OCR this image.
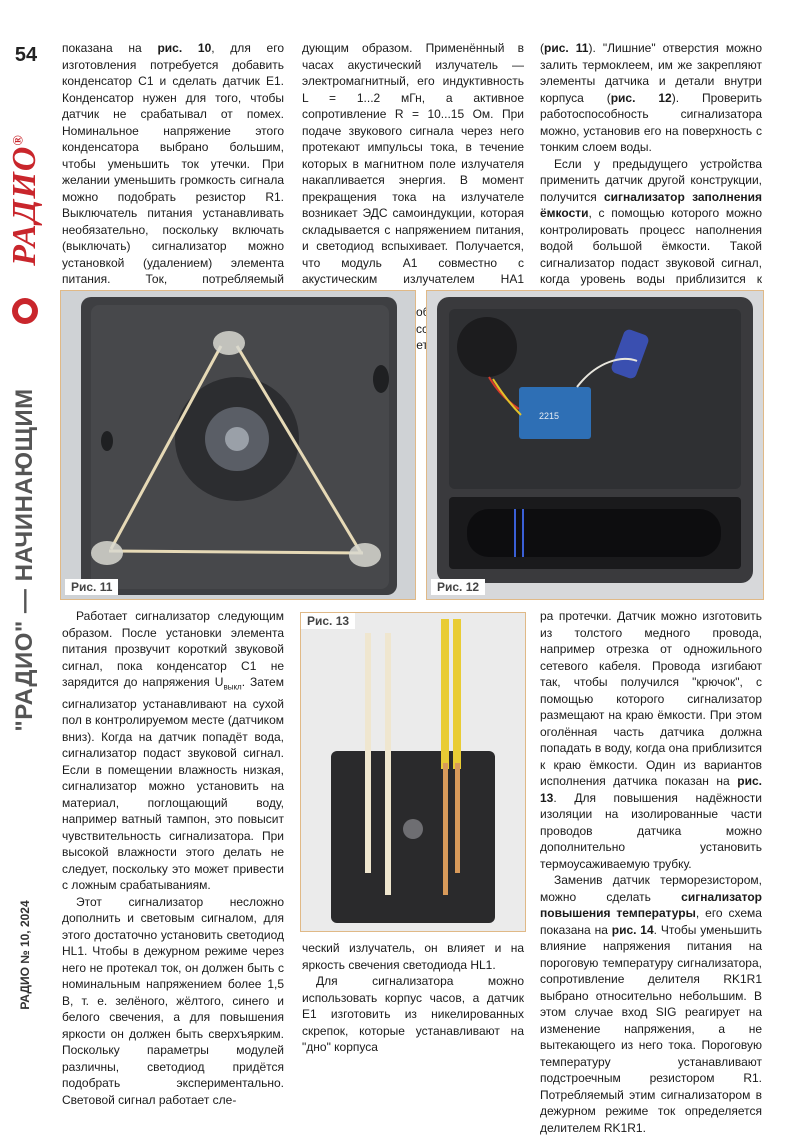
54
РАДИО®
"РАДИО" — НАЧИНАЮЩИМ
РАДИО № 10, 2024

показана на рис. 10, для его изготовления потребуется добавить конденсатор C1 и сделать датчик E1. Конденсатор нужен для того, чтобы датчик не срабатывал от помех. Номинальное напряжение этого конденсатора выбрано большим, чтобы уменьшить ток утечки. При желании уменьшить громкость сигнала можно подобрать резистор R1. Выключатель питания устанавливать необязательно, поскольку включать (выключать) сигнализатор можно установкой (удалением) элемента питания. Ток, потребляемый

дующим образом. Применённый в часах акустический излучатель — электромагнитный, его индуктивность L = 1...2 мГн, а активное сопротивление R = 10...15 Ом. При подаче звукового сигнала через него протекают импульсы тока, в течение которых в магнитном поле излучателя накапливается энергия. В момент прекращения тока на излучателе возникает ЭДС самоиндукции, которая складывается с напряжением питания, и светодиод вспыхивает. Получается, что модуль A1 совместно с акустическим излучателем HA1

(рис. 11). "Лишние" отверстия можно залить термоклеем, им же закрепляют элементы датчика и детали внутри корпуса (рис. 12). Проверить работоспособность сигнализатора можно, установив его на поверхность с тонким слоем воды.

Если у предыдущего устройства применить датчик другой конструкции, получится сигнализатор заполнения ёмкости, с помощью которого можно контролировать процесс наполнения водой большой ёмкости. Такой сигнализатор подаст звуковой сигнал, когда уровень воды приблизится к

Рис. 11
2215
Рис. 12
Рис. 13

Работает сигнализатор следующим образом. После установки элемента питания прозвучит короткий звуковой сигнал, пока конденсатор C1 не зарядится до напряжения $U_{выкл}$. Затем сигнализатор устанавливают на сухой пол в контролируемом месте (датчиком вниз). Когда на датчик попадёт вода, сигнализатор подаст звуковой сигнал. Если в помещении влажность низкая, сигнализатор можно установить на материал, поглощающий воду, например ватный тампон, это повысит чувствительность сигнализатора. При высокой влажности этого делать не следует, поскольку это может привести с ложным срабатываниям.

Этот сигнализатор несложно дополнить и световым сигналом, для этого достаточно установить светодиод HL1. Чтобы в дежурном режиме через него не протекал ток, он должен быть с номинальным напряжением более 1,5 В, т. е. зелёного, жёлтого, синего и белого свечения, а для повышения яркости он должен быть сверхъярким. Поскольку параметры модулей различны, светодиод придётся подобрать экспериментально. Световой сигнал работает сле-

ческий излучатель, он влияет и на яркость свечения светодиода HL1.

Для сигнализатора можно использовать корпус часов, а датчик E1 изготовить из никелированных скрепок, которые устанавливают на "дно" корпуса

ра протечки. Датчик можно изготовить из толстого медного провода, например отрезка от одножильного сетевого кабеля. Провода изгибают так, чтобы получился "крючок", с помощью которого сигнализатор размещают на краю ёмкости. При этом оголённая часть датчика должна попадать в воду, когда она приблизится к краю ёмкости. Один из вариантов исполнения датчика показан на рис. 13. Для повышения надёжности изоляции на изолированные части проводов датчика можно дополнительно установить термоусаживаемую трубку.

Заменив датчик терморезистором, можно сделать сигнализатор повышения температуры, его схема показана на рис. 14. Чтобы уменьшить влияние напряжения питания на пороговую температуру сигнализатора, сопротивление делителя RK1R1 выбрано относительно небольшим. В этом случае вход SIG реагирует на изменение напряжения, а не вытекающего из него тока. Пороговую температуру устанавливают подстроечным резистором R1. Потребляемый этим сигнализатором в дежурном режиме ток определяется делителем RK1R1.
